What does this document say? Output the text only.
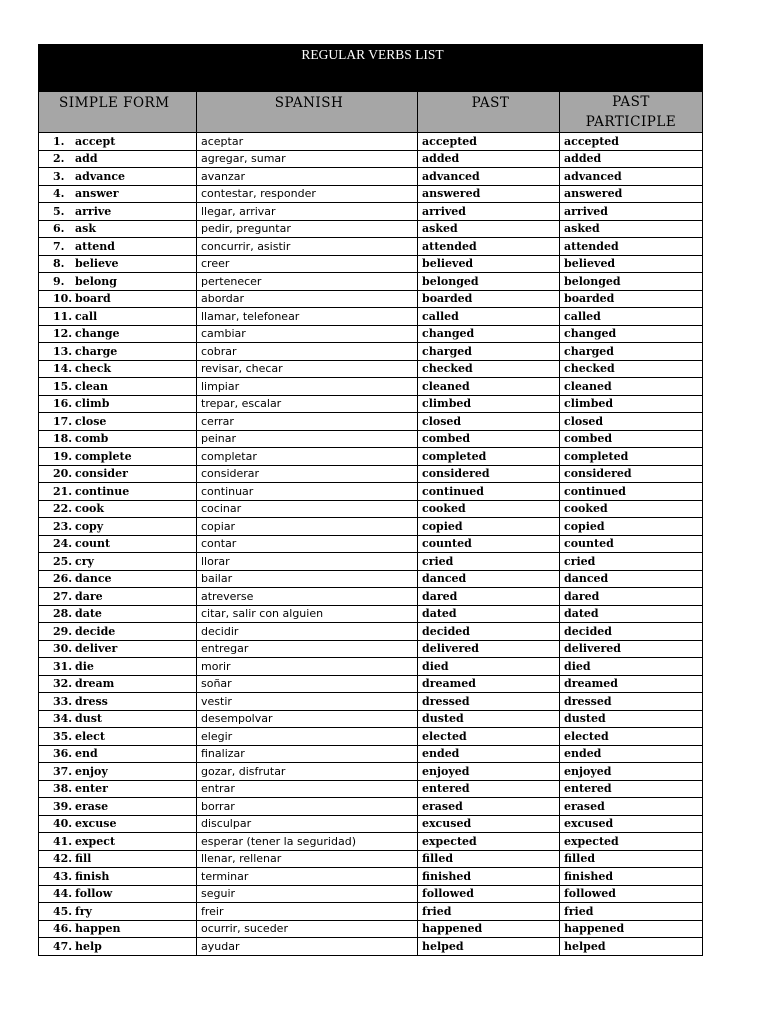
REGULAR VERBS LIST			
SIMPLE FORM	SPANISH	PAST	PAST PARTICIPLE
1. accept	aceptar	accepted	accepted
2. add	agregar, sumar	added	added
3. advance	avanzar	advanced	advanced
4. answer	contestar, responder	answered	answered
5. arrive	llegar, arrivar	arrived	arrived
6. ask	pedir, preguntar	asked	asked
7. attend	concurrir, asistir	attended	attended
8. believe	creer	believed	believed
9. belong	pertenecer	belonged	belonged
10. board	abordar	boarded	boarded
11. call	llamar, telefonear	called	called
12. change	cambiar	changed	changed
13. charge	cobrar	charged	charged
14. check	revisar, checar	checked	checked
15. clean	limpiar	cleaned	cleaned
16. climb	trepar, escalar	climbed	climbed
17. close	cerrar	closed	closed
18. comb	peinar	combed	combed
19. complete	completar	completed	completed
20. consider	considerar	considered	considered
21. continue	continuar	continued	continued
22. cook	cocinar	cooked	cooked
23. copy	copiar	copied	copied
24. count	contar	counted	counted
25. cry	llorar	cried	cried
26. dance	bailar	danced	danced
27. dare	atreverse	dared	dared
28. date	citar, salir con alguien	dated	dated
29. decide	decidir	decided	decided
30. deliver	entregar	delivered	delivered
31. die	morir	died	died
32. dream	soñar	dreamed	dreamed
33. dress	vestir	dressed	dressed
34. dust	desempolvar	dusted	dusted
35. elect	elegir	elected	elected
36. end	finalizar	ended	ended
37. enjoy	gozar, disfrutar	enjoyed	enjoyed
38. enter	entrar	entered	entered
39. erase	borrar	erased	erased
40. excuse	disculpar	excused	excused
41. expect	esperar (tener la seguridad)	expected	expected
42. fill	llenar, rellenar	filled	filled
43. finish	terminar	finished	finished
44. follow	seguir	followed	followed
45. fry	freir	fried	fried
46. happen	ocurrir, suceder	happened	happened
47. help	ayudar	helped	helped
